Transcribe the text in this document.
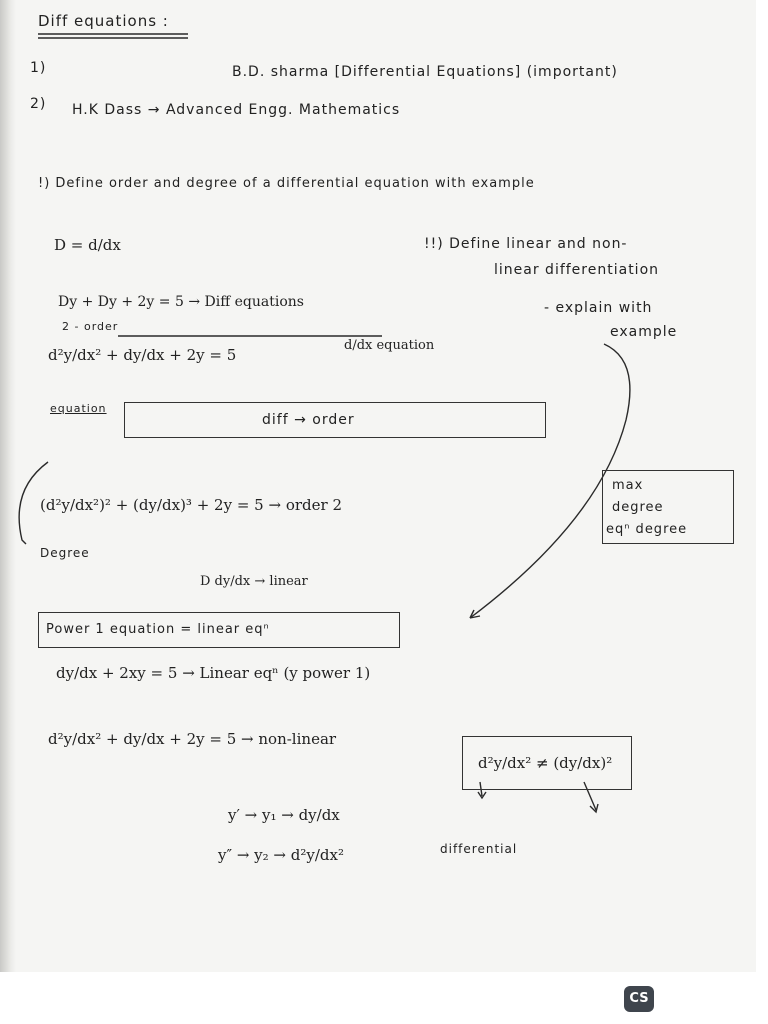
Diff equations :
1)	B.D. sharma [Differential Equations] (important)
2) H.K Dass → Advanced Engg. Mathematics
!) Define order and degree of a differential equation with example
D = d/dx	!!) Define linear and non-
linear differentiation
- explain with
example
Dy + Dy + 2y = 5 → Diff equations
2 - order
d²y/dx² + dy/dx + 2y = 5
d/dx equation
equation
diff → order
(d²y/dx²)² + (dy/dx)³ + 2y = 5 → order 2
Degree
max
degree
eqⁿ degree
D dy/dx → linear
Power 1 equation = linear eqⁿ
dy/dx + 2xy = 5 → Linear eqⁿ (y power 1)
d²y/dx² + dy/dx + 2y = 5 → non-linear
d²y/dx² ≠ (dy/dx)²
differential
y′ → y₁ → dy/dx
y″ → y₂ → d²y/dx²
CS
